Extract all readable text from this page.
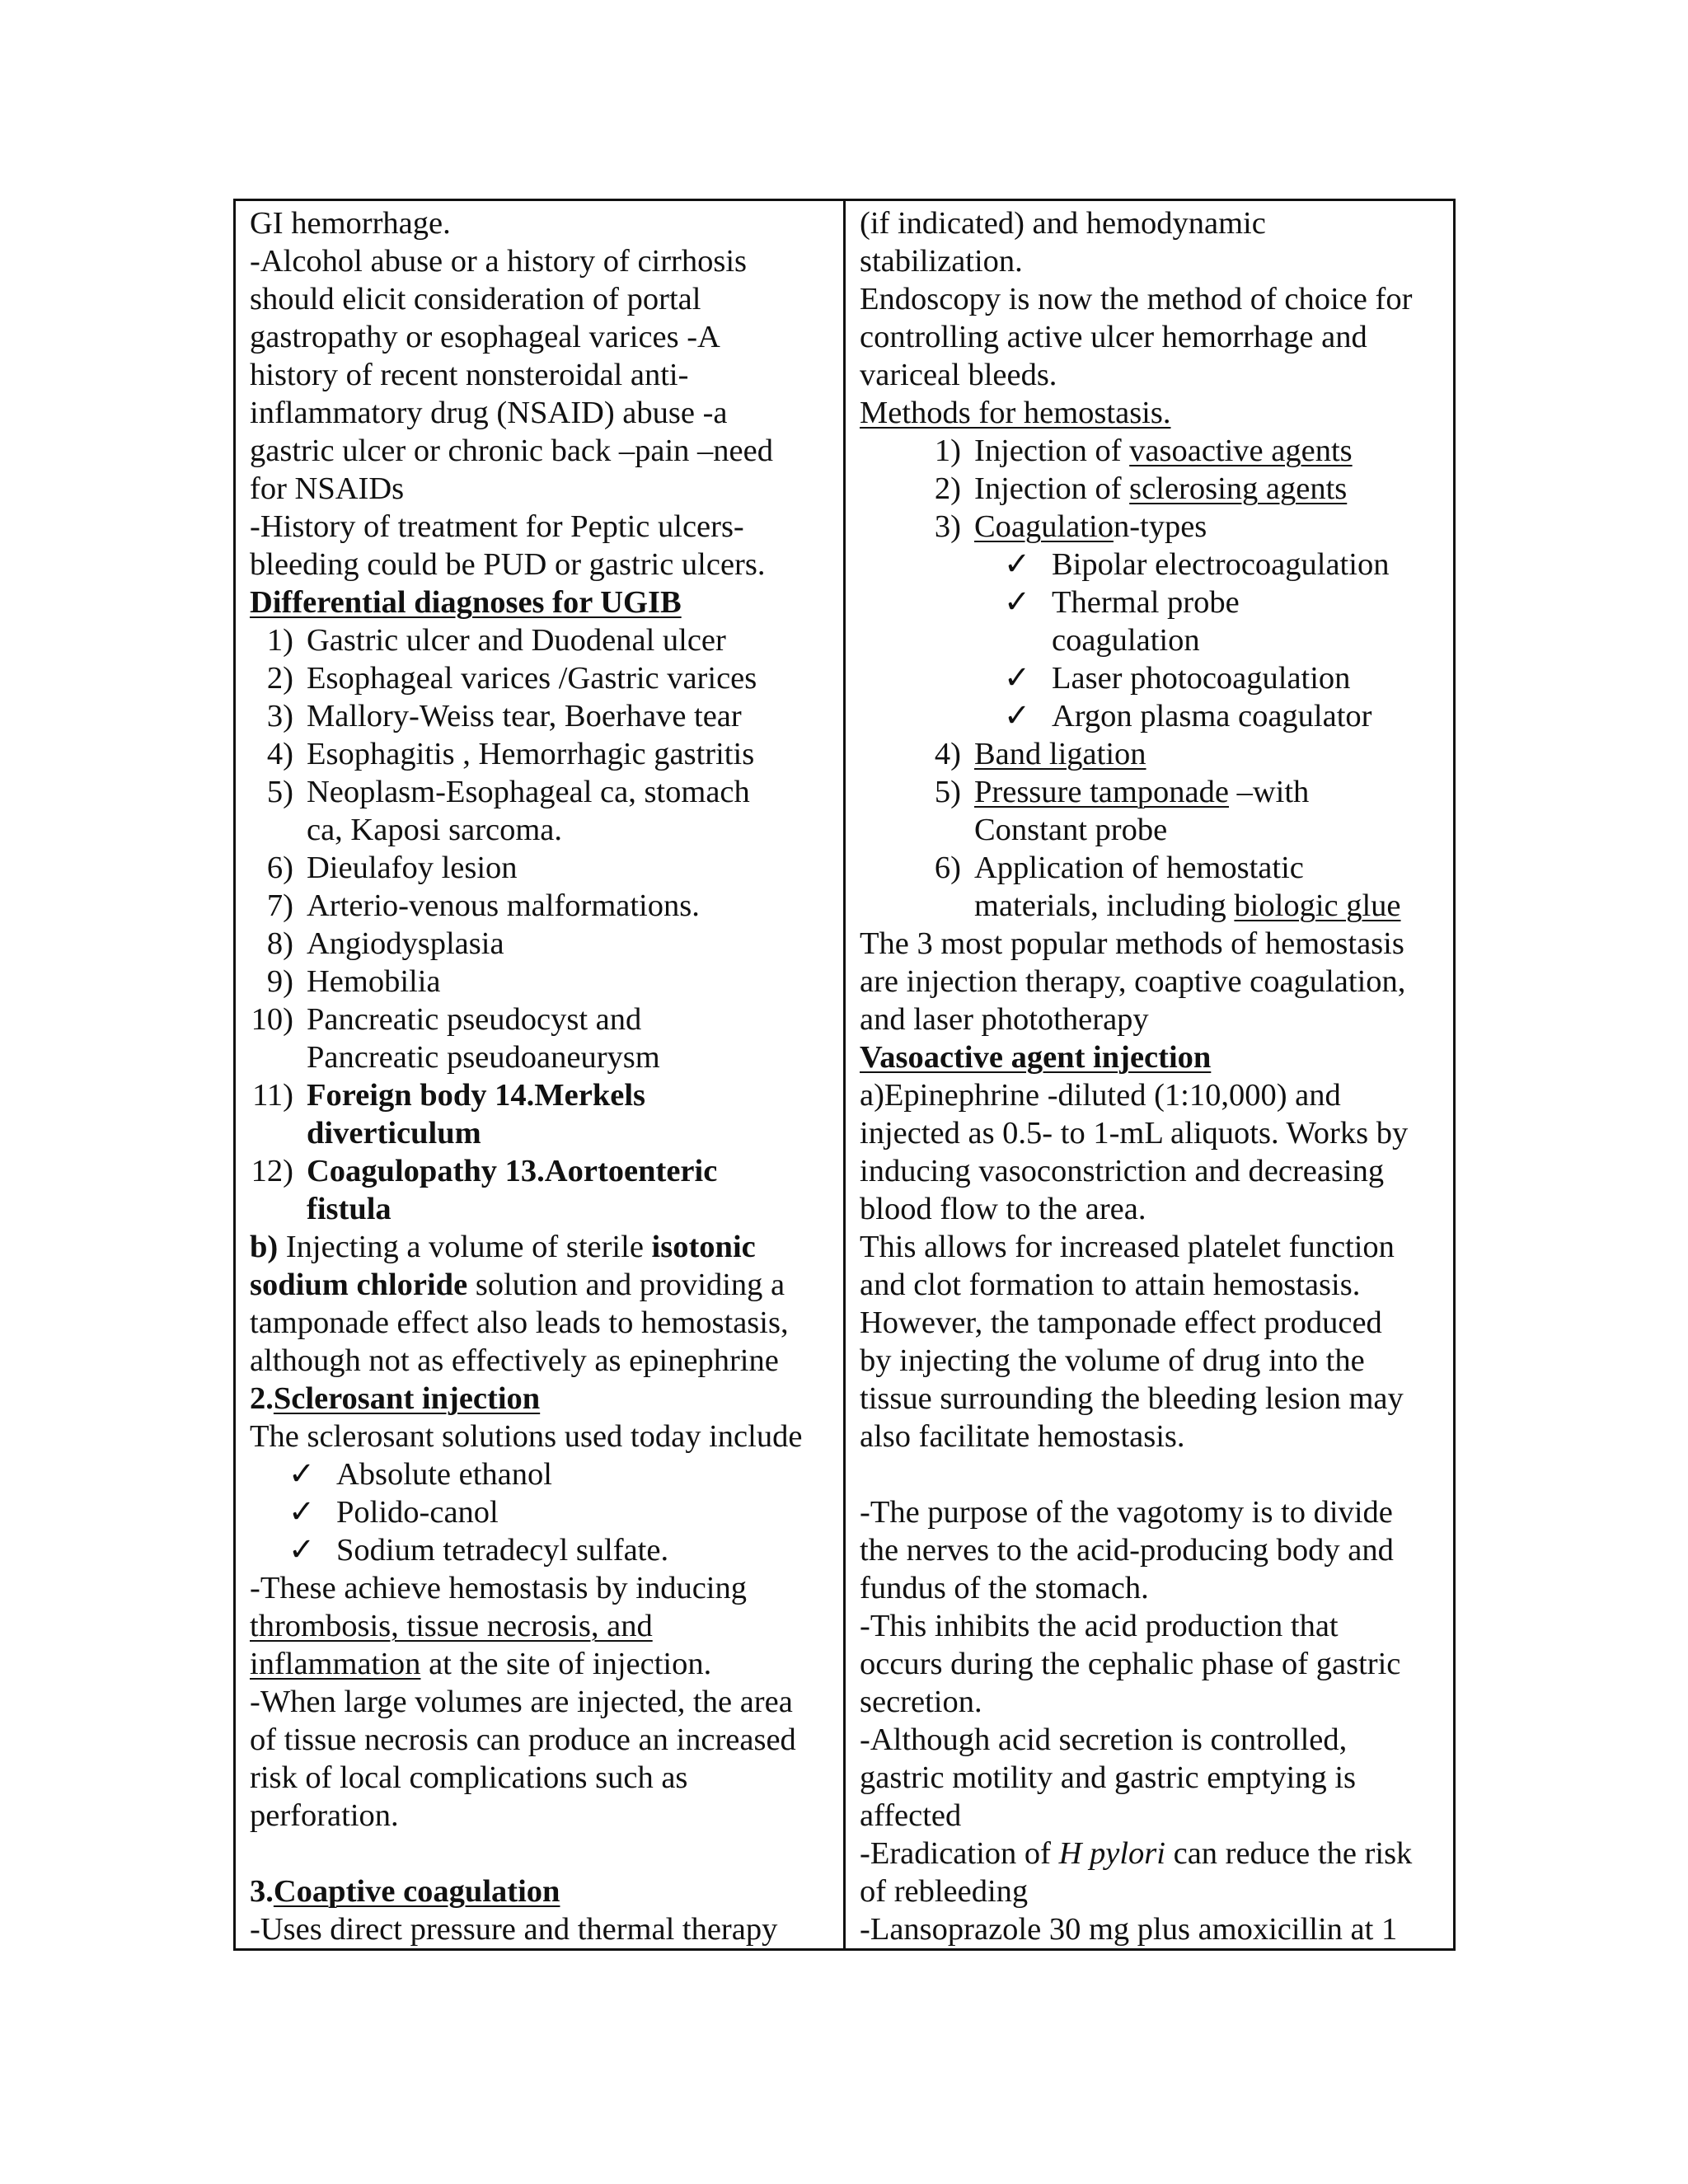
GI hemorrhage.
-Alcohol abuse or a history of cirrhosis
should elicit consideration of portal
gastropathy or esophageal varices -A
history of recent nonsteroidal anti-
inflammatory drug (NSAID) abuse -a
gastric ulcer or chronic back –pain –need
for NSAIDs
-History of treatment for Peptic ulcers-
bleeding could be PUD or gastric ulcers.
Differential diagnoses for UGIB
1) Gastric ulcer and Duodenal ulcer
2) Esophageal varices /Gastric varices
3) Mallory-Weiss tear, Boerhave tear
4) Esophagitis , Hemorrhagic gastritis
5) Neoplasm-Esophageal ca, stomach
ca, Kaposi sarcoma.
6) Dieulafoy lesion
7) Arterio-venous malformations.
8) Angiodysplasia
9) Hemobilia
10) Pancreatic pseudocyst and
Pancreatic pseudoaneurysm
11) Foreign body 14.Merkels
diverticulum
12) Coagulopathy 13.Aortoenteric
fistula
b) Injecting a volume of sterile isotonic
sodium chloride solution and providing a
tamponade effect also leads to hemostasis,
although not as effectively as epinephrine
2.Sclerosant injection
The sclerosant solutions used today include
✓ Absolute ethanol
✓ Polido-canol
✓ Sodium tetradecyl sulfate.
-These achieve hemostasis by inducing
thrombosis, tissue necrosis, and
inflammation at the site of injection.
-When large volumes are injected, the area
of tissue necrosis can produce an increased
risk of local complications such as
perforation.
3.Coaptive coagulation
-Uses direct pressure and thermal therapy
(if indicated) and hemodynamic
stabilization.
Endoscopy is now the method of choice for
controlling active ulcer hemorrhage and
variceal bleeds.
Methods for hemostasis.
1) Injection of vasoactive agents
2) Injection of sclerosing agents
3) Coagulation-types
✓ Bipolar electrocoagulation
✓ Thermal probe
coagulation
✓ Laser photocoagulation
✓ Argon plasma coagulator
4) Band ligation
5) Pressure tamponade –with
Constant probe
6) Application of hemostatic
materials, including biologic glue
The 3 most popular methods of hemostasis
are injection therapy, coaptive coagulation,
and laser phototherapy
Vasoactive agent injection
a)Epinephrine -diluted (1:10,000) and
injected as 0.5- to 1-mL aliquots. Works by
inducing vasoconstriction and decreasing
blood flow to the area.
This allows for increased platelet function
and clot formation to attain hemostasis.
However, the tamponade effect produced
by injecting the volume of drug into the
tissue surrounding the bleeding lesion may
also facilitate hemostasis.
-The purpose of the vagotomy is to divide
the nerves to the acid-producing body and
fundus of the stomach.
-This inhibits the acid production that
occurs during the cephalic phase of gastric
secretion.
-Although acid secretion is controlled,
gastric motility and gastric emptying is
affected
-Eradication of H pylori can reduce the risk
of rebleeding
-Lansoprazole 30 mg plus amoxicillin at 1
